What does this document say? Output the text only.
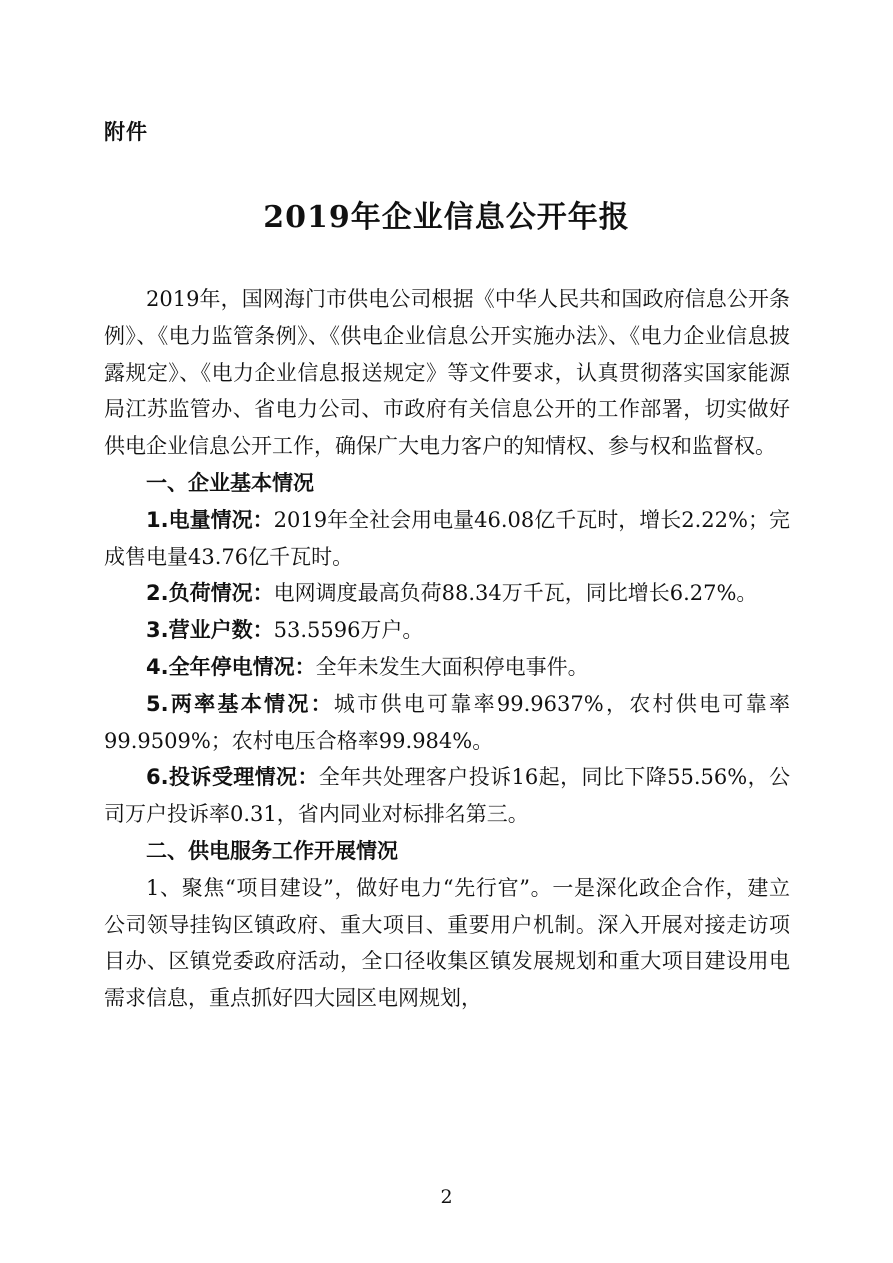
附件
2019年企业信息公开年报

2019年，国网海门市供电公司根据《中华人民共和国政府信息公开条例》、《电力监管条例》、《供电企业信息公开实施办法》、《电力企业信息披露规定》、《电力企业信息报送规定》等文件要求，认真贯彻落实国家能源局江苏监管办、省电力公司、市政府有关信息公开的工作部署，切实做好供电企业信息公开工作，确保广大电力客户的知情权、参与权和监督权。

一、企业基本情况

1.电量情况：2019年全社会用电量46.08亿千瓦时，增长2.22%；完成售电量43.76亿千瓦时。

2.负荷情况：电网调度最高负荷88.34万千瓦，同比增长6.27%。

3.营业户数：53.5596万户。

4.全年停电情况：全年未发生大面积停电事件。

5.两率基本情况：城市供电可靠率99.9637%，农村供电可靠率99.9509%；农村电压合格率99.984%。

6.投诉受理情况：全年共处理客户投诉16起，同比下降55.56%，公司万户投诉率0.31，省内同业对标排名第三。

二、供电服务工作开展情况

1、聚焦“项目建设”，做好电力“先行官”。一是深化政企合作，建立公司领导挂钩区镇政府、重大项目、重要用户机制。深入开展对接走访项目办、区镇党委政府活动，全口径收集区镇发展规划和重大项目建设用电需求信息，重点抓好四大园区电网规划，

2
